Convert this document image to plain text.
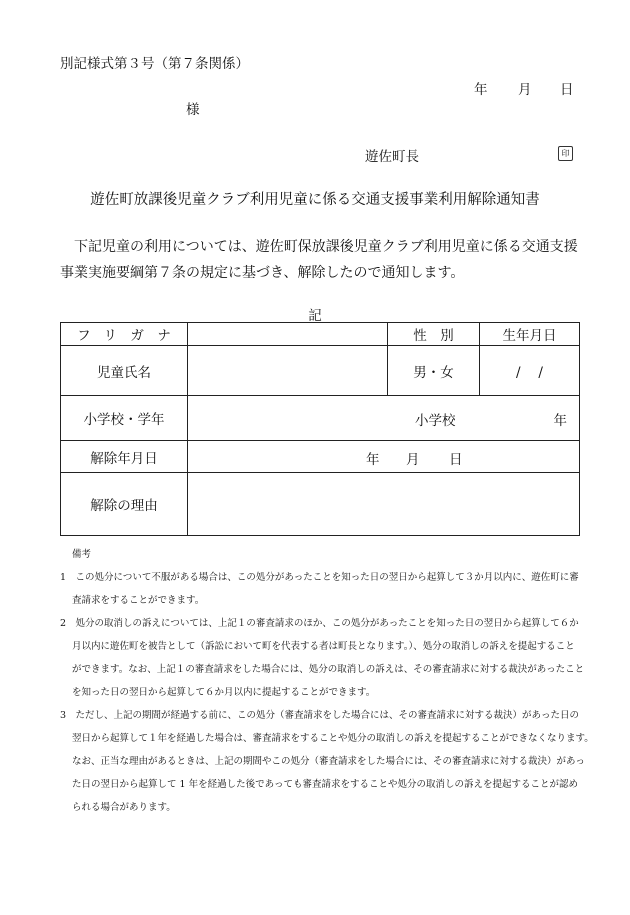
別記様式第３号（第７条関係）
年 月 日
様
遊佐町長	印
遊佐町放課後児童クラブ利用児童に係る交通支援事業利用解除通知書
　下記児童の利用については、遊佐町保放課後児童クラブ利用児童に係る交通支援
事業実施要綱第７条の規定に基づき、解除したので通知します。
記
フリガナ		性　別	生年月日
児童氏名		男・女	/　 /
小学校・学年	小学校 年		

解除年月日	年 月 日		

解除の理由			
備考
1　この処分について不服がある場合は、この処分があったことを知った日の翌日から起算して３か月以内に、遊佐町に審
査請求をすることができます。
2　処分の取消しの訴えについては、上記１の審査請求のほか、この処分があったことを知った日の翌日から起算して６か
月以内に遊佐町を被告として（訴訟において町を代表する者は町長となります。）、処分の取消しの訴えを提起すること
ができます。なお、上記１の審査請求をした場合には、処分の取消しの訴えは、その審査請求に対する裁決があったこと
を知った日の翌日から起算して６か月以内に提起することができます。
3　ただし、上記の期間が経過する前に、この処分（審査請求をした場合には、その審査請求に対する裁決）があった日の
翌日から起算して１年を経過した場合は、審査請求をすることや処分の取消しの訴えを提起することができなくなります。
なお、正当な理由があるときは、上記の期間やこの処分（審査請求をした場合には、その審査請求に対する裁決）があっ
た日の翌日から起算して 1 年を経過した後であっても審査請求をすることや処分の取消しの訴えを提起することが認め
られる場合があります。
